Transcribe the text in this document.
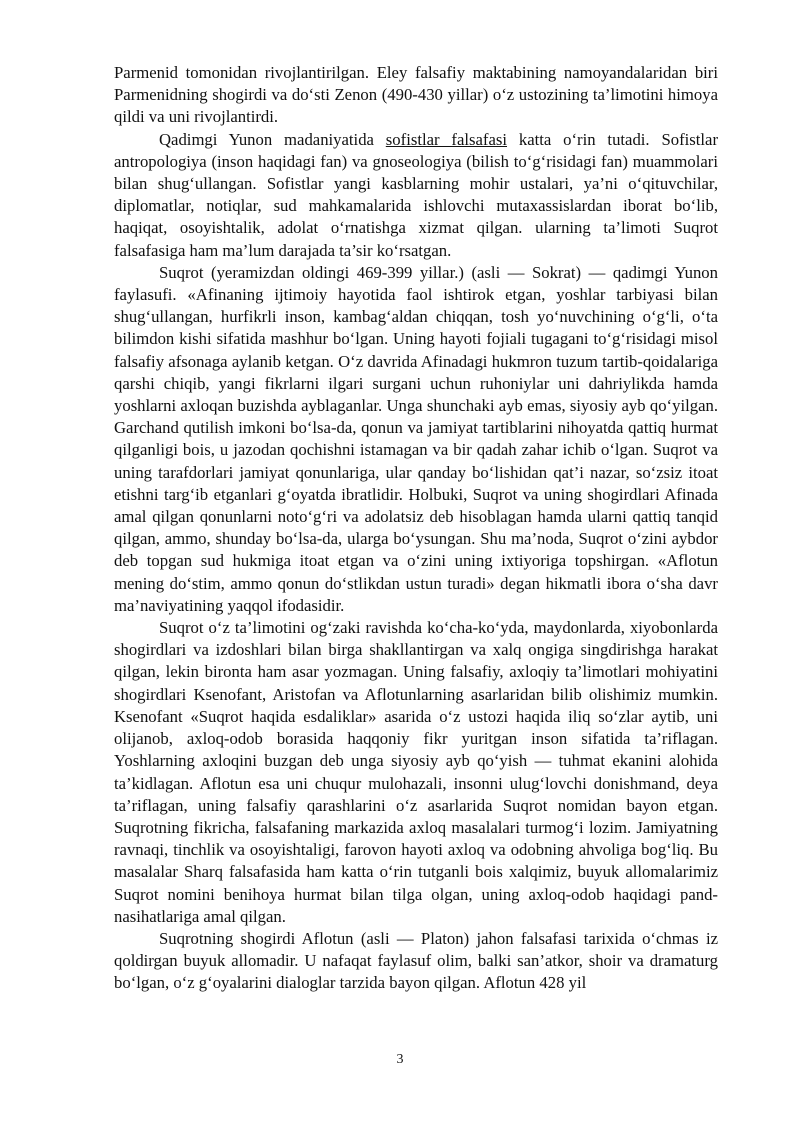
Parmenid tomonidan rivojlantirilgan. Eley falsafiy maktabining namoyandalaridan biri Parmenidning shogirdi va do‘sti Zenon (490-430 yillar) o‘z ustozining ta’limotini himoya qildi va uni rivojlantirdi.

Qadimgi Yunon madaniyatida sofistlar falsafasi katta o‘rin tutadi. Sofistlar antropologiya (inson haqidagi fan) va gnoseologiya (bilish to‘g‘risidagi fan) muammolari bilan shug‘ullangan. Sofistlar yangi kasblarning mohir ustalari, ya’ni o‘qituvchilar, diplomatlar, notiqlar, sud mahkamalarida ishlovchi mutaxassislardan iborat bo‘lib, haqiqat, osoyishtalik, adolat o‘rnatishga xizmat qilgan. ularning ta’limoti Suqrot falsafasiga ham ma’lum darajada ta’sir ko‘rsatgan.

Suqrot (yeramizdan oldingi 469-399 yillar.) (asli — Sokrat) — qadimgi Yunon faylasufi. «Afinaning ijtimoiy hayotida faol ishtirok etgan, yoshlar tarbiyasi bilan shug‘ullangan, hurfikrli inson, kambag‘aldan chiqqan, tosh yo‘nuvchining o‘g‘li, o‘ta bilimdon kishi sifatida mashhur bo‘lgan. Uning hayoti fojiali tugagani to‘g‘risidagi misol falsafiy afsonaga aylanib ketgan. O‘z davrida Afinadagi hukmron tuzum tartib-qoidalariga qarshi chiqib, yangi fikrlarni ilgari surgani uchun ruhoniylar uni dahriylikda hamda yoshlarni axloqan buzishda ayblaganlar. Unga shunchaki ayb emas, siyosiy ayb qo‘yilgan. Garchand qutilish imkoni bo‘lsa-da, qonun va jamiyat tartiblarini nihoyatda qattiq hurmat qilganligi bois, u jazodan qochishni istamagan va bir qadah zahar ichib o‘lgan. Suqrot va uning tarafdorlari jamiyat qonunlariga, ular qanday bo‘lishidan qat’i nazar, so‘zsiz itoat etishni targ‘ib etganlari g‘oyatda ibratlidir. Holbuki, Suqrot va uning shogirdlari Afinada amal qilgan qonunlarni noto‘g‘ri va adolatsiz deb hisoblagan hamda ularni qattiq tanqid qilgan, ammo, shunday bo‘lsa-da, ularga bo‘ysungan. Shu ma’noda, Suqrot o‘zini aybdor deb topgan sud hukmiga itoat etgan va o‘zini uning ixtiyoriga topshirgan. «Aflotun mening do‘stim, ammo qonun do‘stlikdan ustun turadi» degan hikmatli ibora o‘sha davr ma’naviyatining yaqqol ifodasidir.

Suqrot o‘z ta’limotini og‘zaki ravishda ko‘cha-ko‘yda, maydonlarda, xiyobonlarda shogirdlari va izdoshlari bilan birga shakllantirgan va xalq ongiga singdirishga harakat qilgan, lekin bironta ham asar yozmagan. Uning falsafiy, axloqiy ta’limotlari mohiyatini shogirdlari Ksenofant, Aristofan va Aflotunlarning asarlaridan bilib olishimiz mumkin. Ksenofant «Suqrot haqida esdaliklar» asarida o‘z ustozi haqida iliq so‘zlar aytib, uni olijanob, axloq-odob borasida haqqoniy fikr yuritgan inson sifatida ta’riflagan. Yoshlarning axloqini buzgan deb unga siyosiy ayb qo‘yish — tuhmat ekanini alohida ta’kidlagan. Aflotun esa uni chuqur mulohazali, insonni ulug‘lovchi donishmand, deya ta’riflagan, uning falsafiy qarashlarini o‘z asarlarida Suqrot nomidan bayon etgan. Suqrotning fikricha, falsafaning markazida axloq masalalari turmog‘i lozim. Jamiyatning ravnaqi, tinchlik va osoyishtaligi, farovon hayoti axloq va odobning ahvoliga bog‘liq. Bu masalalar Sharq falsafasida ham katta o‘rin tutganli bois xalqimiz, buyuk allomalarimiz Suqrot nomini benihoya hurmat bilan tilga olgan, uning axloq-odob haqidagi pand-nasihatlariga amal qilgan.

Suqrotning shogirdi Aflotun (asli — Platon) jahon falsafasi tarixida o‘chmas iz qoldirgan buyuk allomadir. U nafaqat faylasuf olim, balki san’atkor, shoir va dramaturg bo‘lgan, o‘z g‘oyalarini dialoglar tarzida bayon qilgan. Aflotun 428 yil

3
